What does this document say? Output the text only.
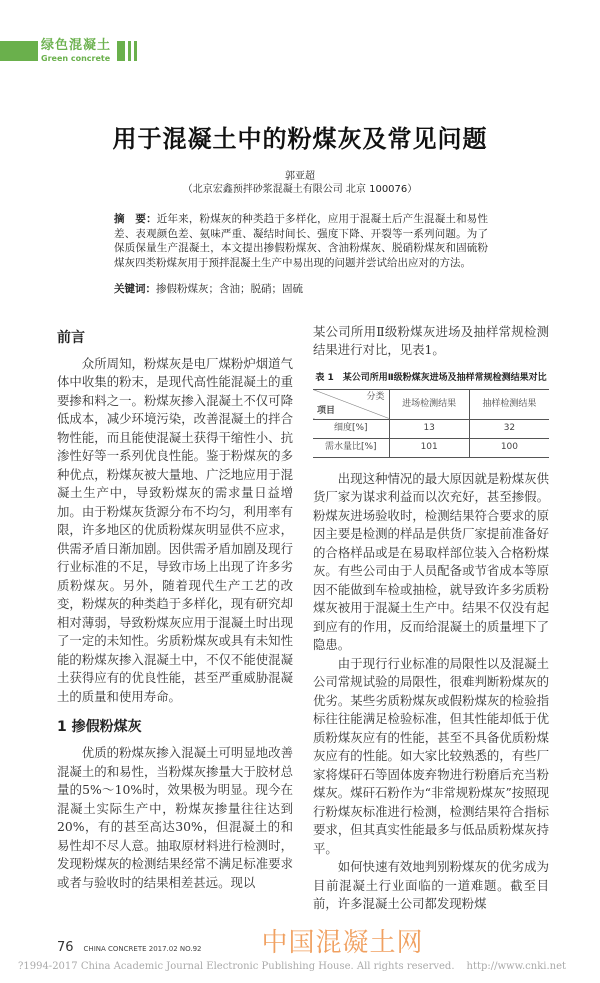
绿色混凝土
Green concrete
用于混凝土中的粉煤灰及常见问题
郭亚超
（北京宏鑫预拌砂浆混凝土有限公司 北京 100076）
摘　要：近年来，粉煤灰的种类趋于多样化，应用于混凝土后产生混凝土和易性差、表观颜色差、氨味严重、凝结时间长、强度下降、开裂等一系列问题。为了保质保量生产混凝土，本文提出掺假粉煤灰、含油粉煤灰、脱硝粉煤灰和固硫粉煤灰四类粉煤灰用于预拌混凝土生产中易出现的问题并尝试给出应对的方法。
关键词：掺假粉煤灰；含油；脱硝；固硫
前言

众所周知，粉煤灰是电厂煤粉炉烟道气体中收集的粉末，是现代高性能混凝土的重要掺和料之一。粉煤灰掺入混凝土不仅可降低成本，减少环境污染，改善混凝土的拌合物性能，而且能使混凝土获得干缩性小、抗渗性好等一系列优良性能。鉴于粉煤灰的多种优点，粉煤灰被大量地、广泛地应用于混凝土生产中，导致粉煤灰的需求量日益增加。由于粉煤灰货源分布不均匀，利用率有限，许多地区的优质粉煤灰明显供不应求，供需矛盾日渐加剧。因供需矛盾加剧及现行行业标准的不足，导致市场上出现了许多劣质粉煤灰。另外，随着现代生产工艺的改变，粉煤灰的种类趋于多样化，现有研究却相对薄弱，导致粉煤灰应用于混凝土时出现了一定的未知性。劣质粉煤灰或具有未知性能的粉煤灰掺入混凝土中，不仅不能使混凝土获得应有的优良性能，甚至严重威胁混凝土的质量和使用寿命。

1 掺假粉煤灰

优质的粉煤灰掺入混凝土可明显地改善混凝土的和易性，当粉煤灰掺量大于胶材总量的5%～10%时，效果极为明显。现今在混凝土实际生产中，粉煤灰掺量往往达到20%，有的甚至高达30%，但混凝土的和易性却不尽人意。抽取原材料进行检测时，发现粉煤灰的检测结果经常不满足标准要求或者与验收时的结果相差甚远。现以

某公司所用Ⅱ级粉煤灰进场及抽样常规检测结果进行对比，见表1。

表 1　某公司所用Ⅱ级粉煤灰进场及抽样常规检测结果对比
分类
项目	进场检测结果	抽样检测结果
细度[%]	13	32
需水量比[%]	101	100

出现这种情况的最大原因就是粉煤灰供货厂家为谋求利益而以次充好，甚至掺假。粉煤灰进场验收时，检测结果符合要求的原因主要是检测的样品是供货厂家提前准备好的合格样品或是在易取样部位装入合格粉煤灰。有些公司由于人员配备或节省成本等原因不能做到车检或抽检，就导致许多劣质粉煤灰被用于混凝土生产中。结果不仅没有起到应有的作用，反而给混凝土的质量埋下了隐患。

由于现行行业标准的局限性以及混凝土公司常规试验的局限性，很难判断粉煤灰的优劣。某些劣质粉煤灰或假粉煤灰的检验指标往往能满足检验标准，但其性能却低于优质粉煤灰应有的性能，甚至不具备优质粉煤灰应有的性能。如大家比较熟悉的，有些厂家将煤矸石等固体废弃物进行粉磨后充当粉煤灰。煤矸石粉作为“非常规粉煤灰”按照现行粉煤灰标准进行检测，检测结果符合指标要求，但其真实性能最多与低品质粉煤灰持平。

如何快速有效地判别粉煤灰的优劣成为目前混凝土行业面临的一道难题。截至目前，许多混凝土公司都发现粉煤

76 CHINA CONCRETE 2017.02 NO.92 中国混凝土网
?1994-2017 China Academic Journal Electronic Publishing House. All rights reserved. http://www.cnki.net
